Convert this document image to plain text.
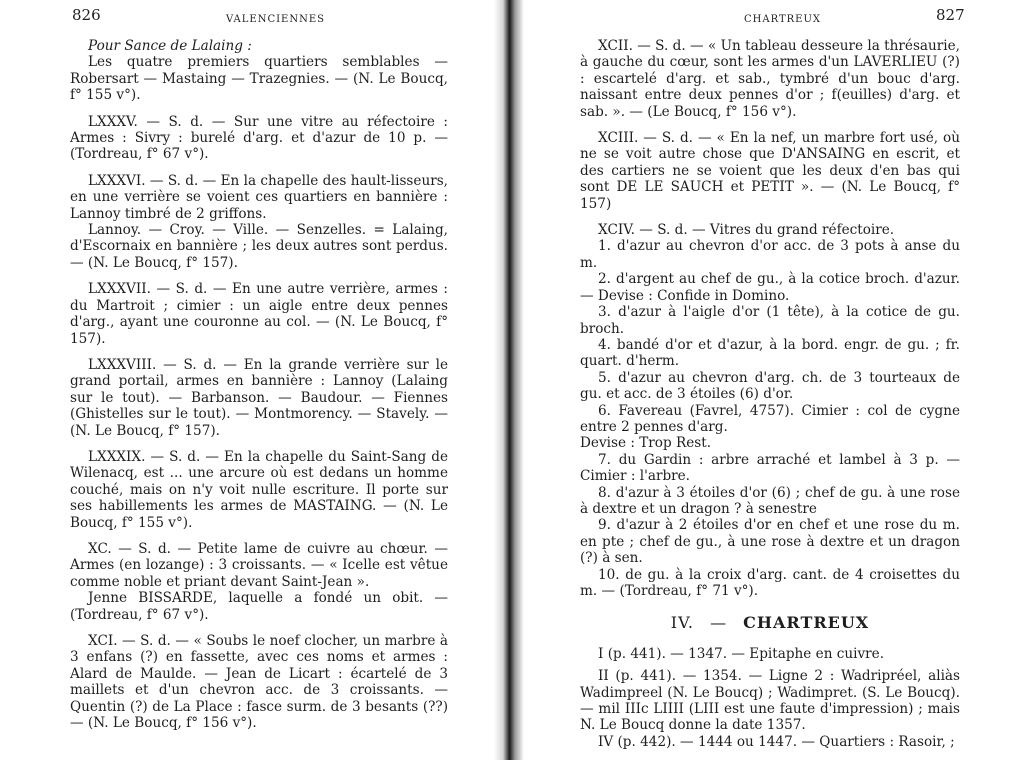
826	VALENCIENNES

Pour Sance de Lalaing :

Les quatre premiers quartiers semblables — Robersart — Mastaing — Trazegnies. — (N. Le Boucq, f° 155 v°).

LXXXV. — S. d. — Sur une vitre au réfectoire : Armes : Sivry : burelé d'arg. et d'azur de 10 p. — (Tordreau, f° 67 v°).

LXXXVI. — S. d. — En la chapelle des hault-lisseurs, en une verrière se voient ces quartiers en bannière : Lannoy timbré de 2 griffons.

Lannoy. — Croy. — Ville. — Senzelles. = Lalaing, d'Escornaix en bannière ; les deux autres sont perdus. — (N. Le Boucq, f° 157).

LXXXVII. — S. d. — En une autre verrière, armes : du Martroit ; cimier : un aigle entre deux pennes d'arg., ayant une couronne au col. — (N. Le Boucq, f° 157).

LXXXVIII. — S. d. — En la grande verrière sur le grand portail, armes en bannière : Lannoy (Lalaing sur le tout). — Barbanson. — Baudour. — Fiennes (Ghistelles sur le tout). — Montmorency. — Stavely. — (N. Le Boucq, f° 157).

LXXXIX. — S. d. — En la chapelle du Saint-Sang de Wilenacq, est ... une arcure où est dedans un homme couché, mais on n'y voit nulle escriture. Il porte sur ses habillements les armes de MASTAING. — (N. Le Boucq, f° 155 v°).

XC. — S. d. — Petite lame de cuivre au chœur. — Armes (en lozange) : 3 croissants. — « Icelle est vêtue comme noble et priant devant Saint-Jean ».

Jenne BISSARDE, laquelle a fondé un obit. — (Tordreau, f° 67 v°).

XCI. — S. d. — « Soubs le noef clocher, un marbre à 3 enfans (?) en fassette, avec ces noms et armes : Alard de Maulde. — Jean de Licart : écartelé de 3 maillets et d'un chevron acc. de 3 croissants. — Quentin (?) de La Place : fasce surm. de 3 besants (??) — (N. Le Boucq, f° 156 v°).

CHARTREUX	827

XCII. — S. d. — « Un tableau desseure la thrésaurie, à gauche du cœur, sont les armes d'un LAVERLIEU (?) : escartelé d'arg. et sab., tymbré d'un bouc d'arg. naissant entre deux pennes d'or ; f(euilles) d'arg. et sab. ». — (Le Boucq, f° 156 v°).

XCIII. — S. d. — « En la nef, un marbre fort usé, où ne se voit autre chose que D'ANSAING en escrit, et des cartiers ne se voient que les deux d'en bas qui sont DE LE SAUCH et PETIT ». — (N. Le Boucq, f° 157)

XCIV. — S. d. — Vitres du grand réfectoire.

1. d'azur au chevron d'or acc. de 3 pots à anse du m.

2. d'argent au chef de gu., à la cotice broch. d'azur. — Devise : Confide in Domino.

3. d'azur à l'aigle d'or (1 tête), à la cotice de gu. broch.

4. bandé d'or et d'azur, à la bord. engr. de gu. ; fr. quart. d'herm.

5. d'azur au chevron d'arg. ch. de 3 tourteaux de gu. et acc. de 3 étoiles (6) d'or.

6. Favereau (Favrel, 4757). Cimier : col de cygne entre 2 pennes d'arg.

Devise : Trop Rest.

7. du Gardin : arbre arraché et lambel à 3 p. — Cimier : l'arbre.

8. d'azur à 3 étoiles d'or (6) ; chef de gu. à une rose à dextre et un dragon ? à senestre

9. d'azur à 2 étoiles d'or en chef et une rose du m. en pte ; chef de gu., à une rose à dextre et un dragon (?) à sen.

10. de gu. à la croix d'arg. cant. de 4 croisettes du m. — (Tordreau, f° 71 v°).

IV. — CHARTREUX

I (p. 441). — 1347. — Epitaphe en cuivre.

II (p. 441). — 1354. — Ligne 2 : Wadripréel, aliàs Wadimpreel (N. Le Boucq) ; Wadimpret. (S. Le Boucq). — mil IIIc LIIII (LIII est une faute d'impression) ; mais N. Le Boucq donne la date 1357.

IV (p. 442). — 1444 ou 1447. — Quartiers : Rasoir, ;
